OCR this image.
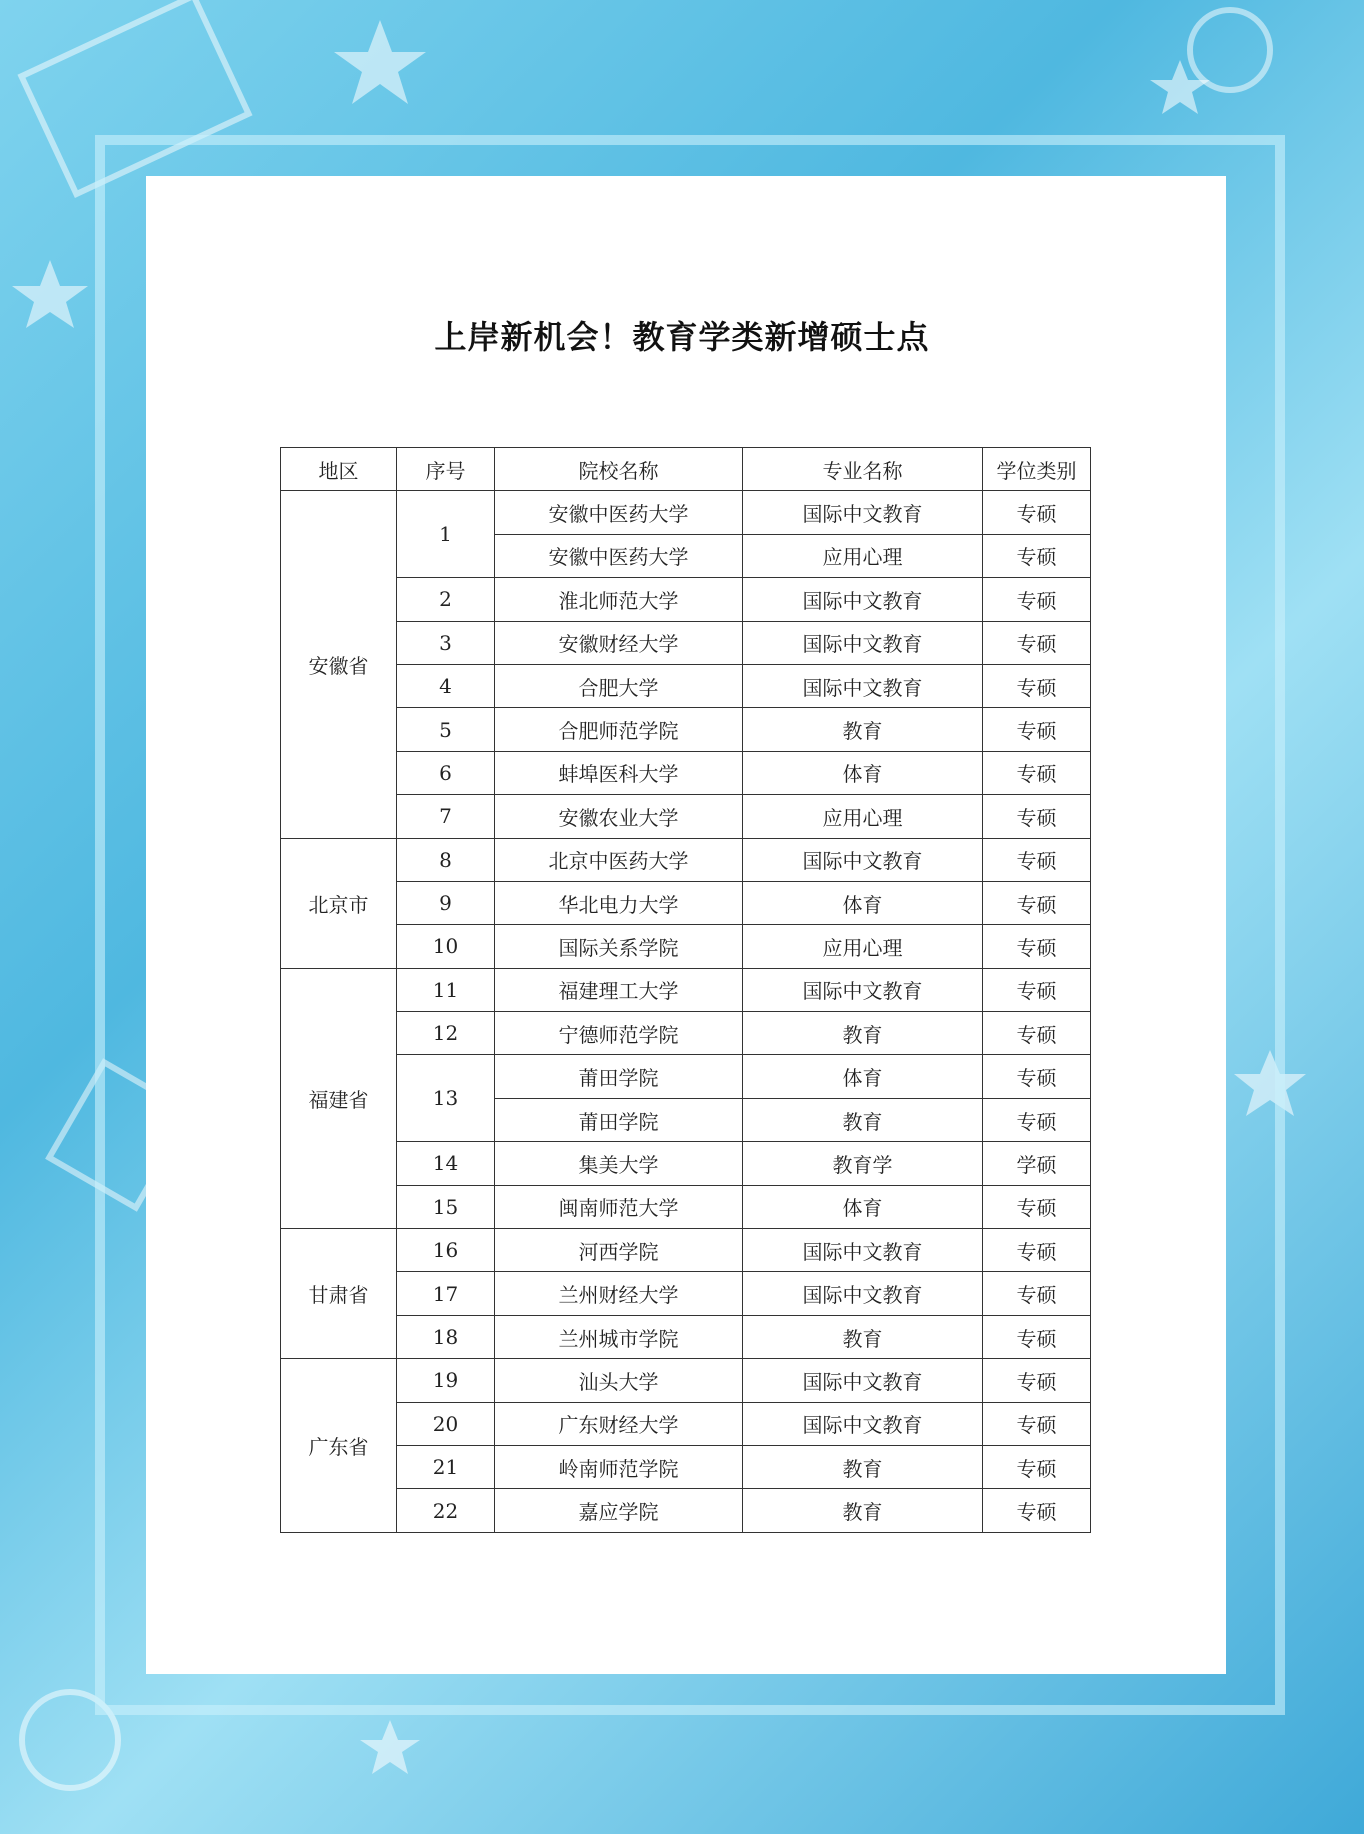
上岸新机会！教育学类新增硕士点
地区	序号	院校名称	专业名称	学位类别
安徽省	1	安徽中医药大学	国际中文教育	专硕
		安徽中医药大学	应用心理	专硕
	2	淮北师范大学	国际中文教育	专硕
	3	安徽财经大学	国际中文教育	专硕
	4	合肥大学	国际中文教育	专硕
	5	合肥师范学院	教育	专硕
	6	蚌埠医科大学	体育	专硕
	7	安徽农业大学	应用心理	专硕
北京市	8	北京中医药大学	国际中文教育	专硕
	9	华北电力大学	体育	专硕
	10	国际关系学院	应用心理	专硕
福建省	11	福建理工大学	国际中文教育	专硕
	12	宁德师范学院	教育	专硕
	13	莆田学院	体育	专硕
		莆田学院	教育	专硕
	14	集美大学	教育学	学硕
	15	闽南师范大学	体育	专硕
甘肃省	16	河西学院	国际中文教育	专硕
	17	兰州财经大学	国际中文教育	专硕
	18	兰州城市学院	教育	专硕
广东省	19	汕头大学	国际中文教育	专硕
	20	广东财经大学	国际中文教育	专硕
	21	岭南师范学院	教育	专硕
	22	嘉应学院	教育	专硕
